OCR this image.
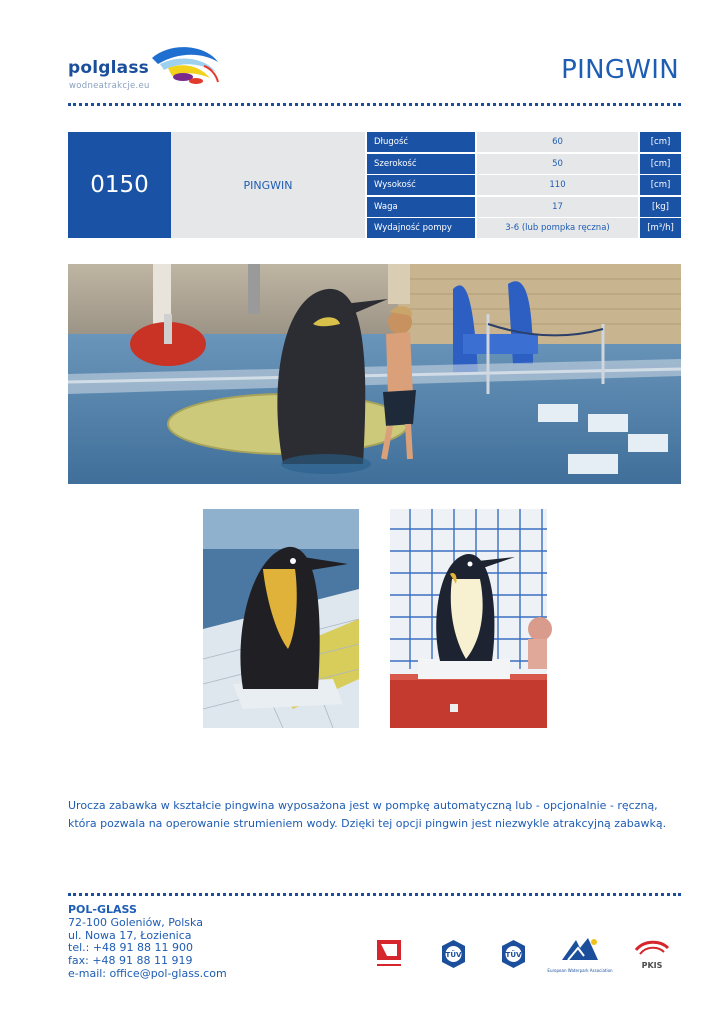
polglass
wodneatrakcje.eu
PINGWIN
0150	PINGWIN
Długość	60	[cm]
Szerokość	50	[cm]
Wysokość	110	[cm]
Waga	17	[kg]
Wydajność pompy	3-6 (lub pompka ręczna)	[m³/h]
Urocza zabawka w kształcie pingwina wyposażona jest w pompkę automatyczną lub - opcjonalnie - ręczną, która pozwala na operowanie strumieniem wody. Dzięki tej opcji pingwin jest niezwykle atrakcyjną zabawką.
POL-GLASS
72-100 Goleniów, Polska
ul. Nowa 17, Łozienica
tel.: +48 91 88 11 900
fax: +48 91 88 11 919
e-mail: office@pol-glass.com
TÜV	TÜV
European Waterpark Association
PKIS
